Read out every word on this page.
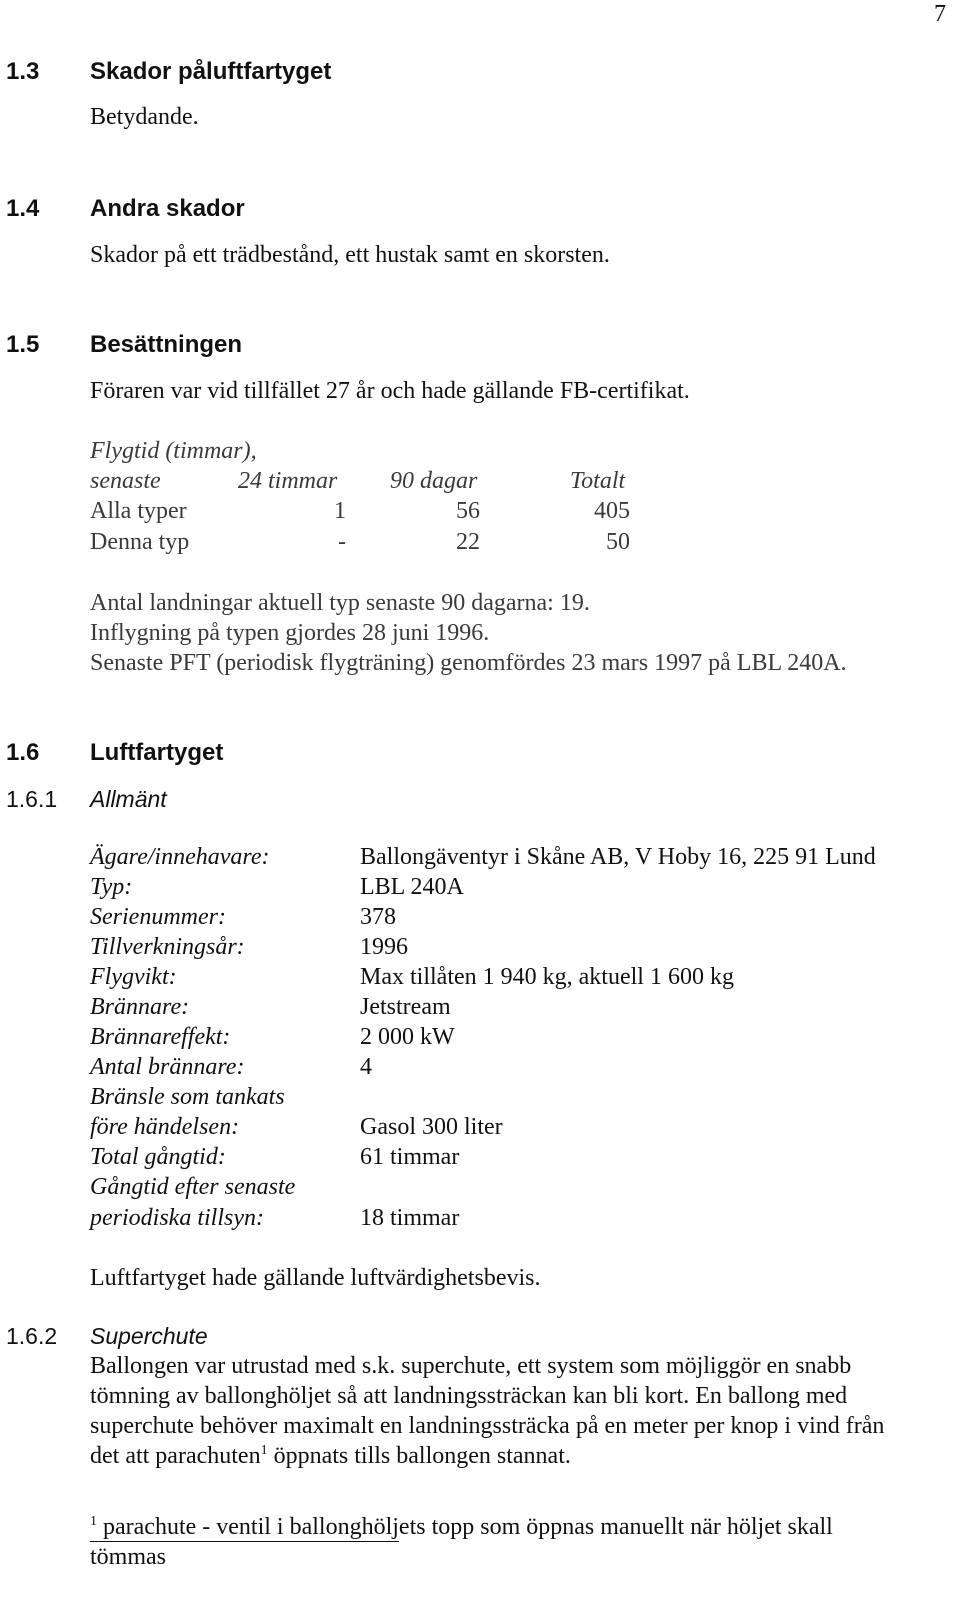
7
1.3 Skador påluftfartyget
Betydande.
1.4 Andra skador
Skador på ett trädbestånd, ett hustak samt en skorsten.
1.5 Besättningen
Föraren var vid tillfället 27 år och hade gällande FB-certifikat.
Flygtid (timmar),
senaste	24 timmar 90 dagar	Totalt
Alla typer	1	56	405
Denna typ	-	22	50
Antal landningar aktuell typ senaste 90 dagarna: 19.
Inflygning på typen gjordes 28 juni 1996.
Senaste PFT (periodisk flygträning) genomfördes 23 mars 1997 på LBL 240A.
1.6 Luftfartyget
1.6.1 Allmänt
Ägare/innehavare:	Ballongäventyr i Skåne AB, V Hoby 16, 225 91 Lund
Typ:	LBL 240A
Serienummer:	378
Tillverkningsår:	1996
Flygvikt:	Max tillåten 1 940 kg, aktuell 1 600 kg
Brännare:	Jetstream
Brännareffekt:	2 000 kW
Antal brännare:	4
Bränsle som tankats
före händelsen:	Gasol 300 liter
Total gångtid:	61 timmar
Gångtid efter senaste
periodiska tillsyn:	18 timmar
Luftfartyget hade gällande luftvärdighetsbevis.
1.6.2 Superchute
Ballongen var utrustad med s.k. superchute, ett system som möjliggör en snabb
tömning av ballonghöljet så att landningssträckan kan bli kort. En ballong med
superchute behöver maximalt en landningssträcka på en meter per knop i vind från
det att parachuten$^1$ öppnats tills ballongen stannat.
$^1$ parachute - ventil i ballonghöljets topp som öppnas manuellt när höljet skall
tömmas
